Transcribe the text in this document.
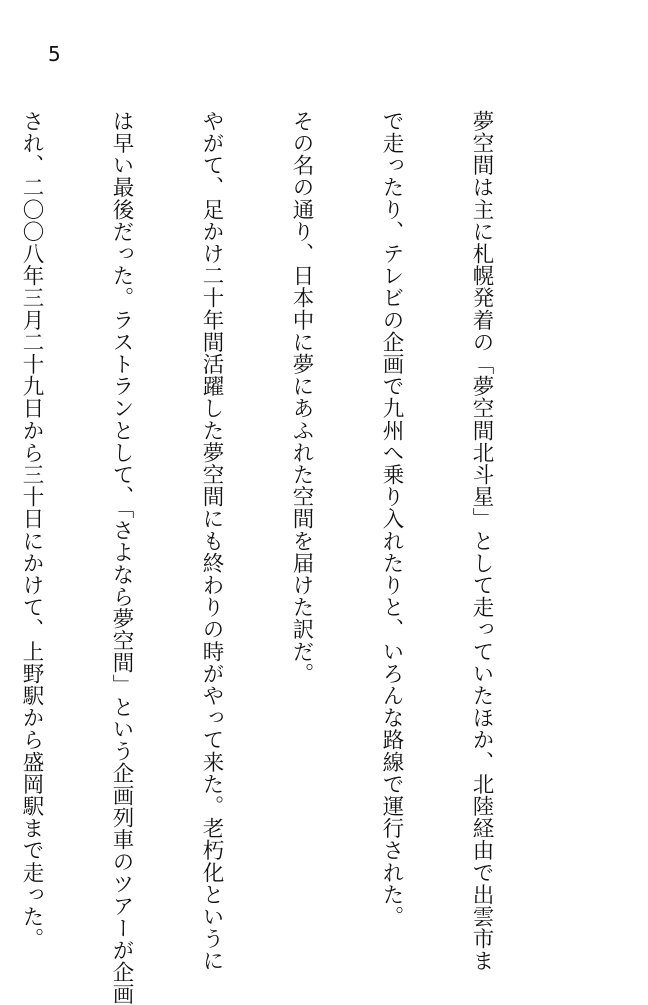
5

夢空間は主に札幌発着の「夢空間北斗星」として走っていたほか、北陸経由で出雲市ま

で走ったり、テレビの企画で九州へ乗り入れたりと、いろんな路線で運行された。

その名の通り、日本中に夢にあふれた空間を届けた訳だ。

やがて、足かけ二十年間活躍した夢空間にも終わりの時がやって来た。老朽化というに

は早い最後だった。ラストランとして、「さよなら夢空間」という企画列車のツアーが企画

され、二〇〇八年三月二十九日から三十日にかけて、上野駅から盛岡駅まで走った。
